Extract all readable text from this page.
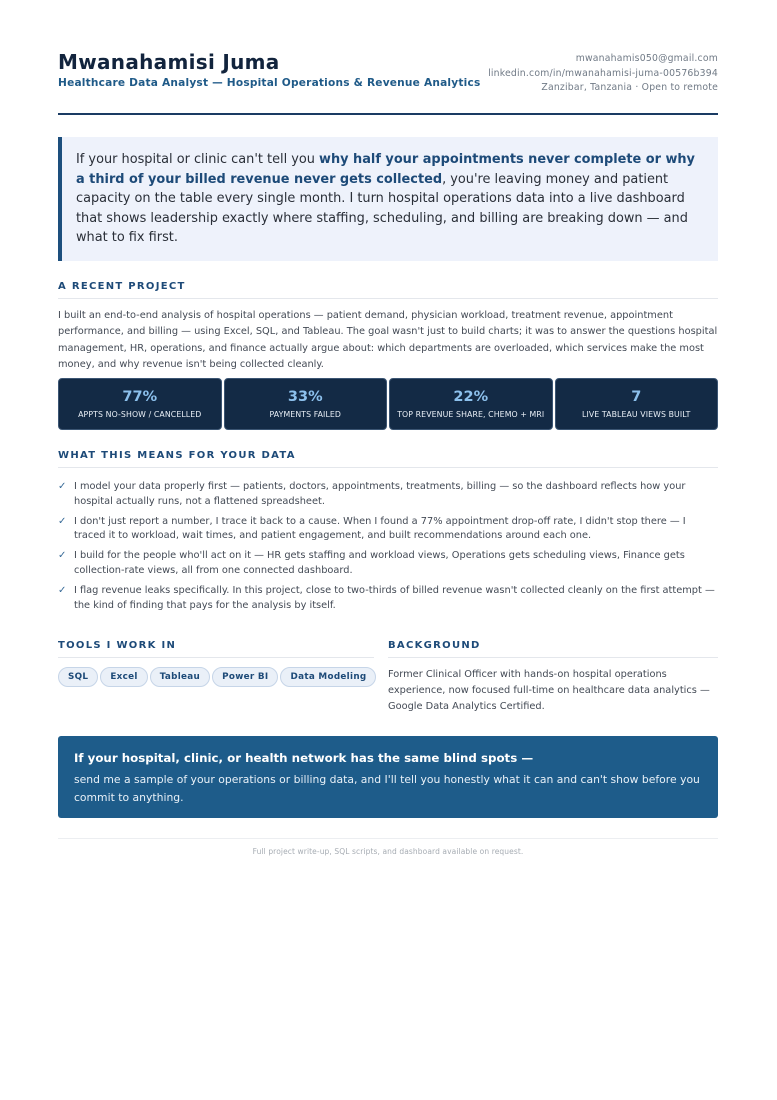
Mwanahamisi Juma
Healthcare Data Analyst — Hospital Operations & Revenue Analytics
mwanahamis050@gmail.com
linkedin.com/in/mwanahamisi-juma-00576b394
Zanzibar, Tanzania · Open to remote
If your hospital or clinic can't tell you why half your appointments never complete or why a third of your billed revenue never gets collected, you're leaving money and patient capacity on the table every single month. I turn hospital operations data into a live dashboard that shows leadership exactly where staffing, scheduling, and billing are breaking down — and what to fix first.
A RECENT PROJECT
I built an end-to-end analysis of hospital operations — patient demand, physician workload, treatment revenue, appointment performance, and billing — using Excel, SQL, and Tableau. The goal wasn't just to build charts; it was to answer the questions hospital management, HR, operations, and finance actually argue about: which departments are overloaded, which services make the most money, and why revenue isn't being collected cleanly.
77%
APPTS NO-SHOW / CANCELLED
33%
PAYMENTS FAILED
22%
TOP REVENUE SHARE, CHEMO + MRI
7
LIVE TABLEAU VIEWS BUILT
WHAT THIS MEANS FOR YOUR DATA
✓ I model your data properly first — patients, doctors, appointments, treatments, billing — so the dashboard reflects how your hospital actually runs, not a flattened spreadsheet.
✓ I don't just report a number, I trace it back to a cause. When I found a 77% appointment drop-off rate, I didn't stop there — I traced it to workload, wait times, and patient engagement, and built recommendations around each one.
✓ I build for the people who'll act on it — HR gets staffing and workload views, Operations gets scheduling views, Finance gets collection-rate views, all from one connected dashboard.
✓ I flag revenue leaks specifically. In this project, close to two-thirds of billed revenue wasn't collected cleanly on the first attempt — the kind of finding that pays for the analysis by itself.
TOOLS I WORK IN
SQL	Excel	Tableau	Power BI	Data Modeling
BACKGROUND
Former Clinical Officer with hands-on hospital operations experience, now focused full-time on healthcare data analytics — Google Data Analytics Certified.
If your hospital, clinic, or health network has the same blind spots —
send me a sample of your operations or billing data, and I'll tell you honestly what it can and can't show before you commit to anything.
Full project write-up, SQL scripts, and dashboard available on request.
